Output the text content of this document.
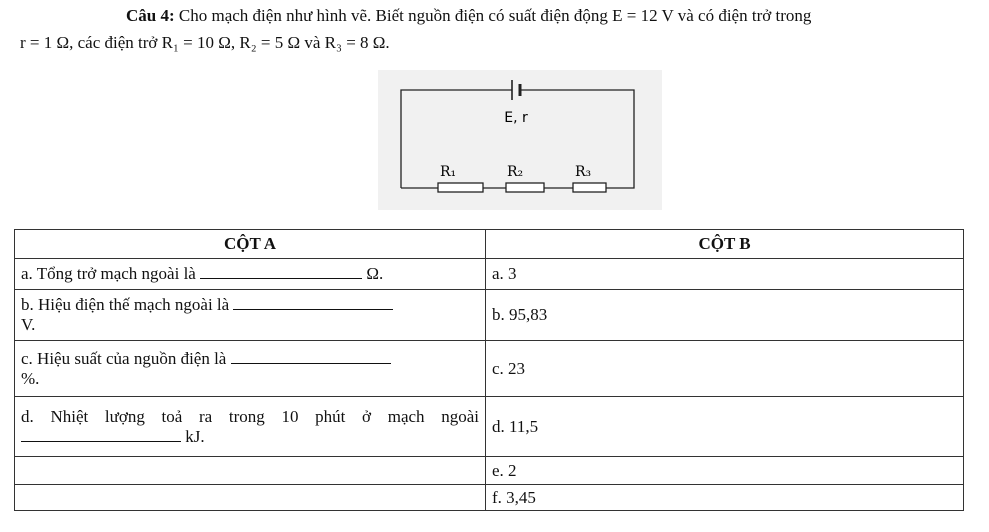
Câu 4: Cho mạch điện như hình vẽ. Biết nguồn điện có suất điện động E = 12 V và có điện trở trong
r = 1 Ω, các điện trở R₁ = 10 Ω, R₂ = 5 Ω và R₃ = 8 Ω.
E, r
R₁	R₂	R₃
CỘT A	CỘT B
a. Tổng trở mạch ngoài là Ω.	a. 3
b. Hiệu điện thế mạch ngoài là
V.	b. 95,83
c. Hiệu suất của nguồn điện là
%.	c. 23
d. Nhiệt lượng toả ra trong 10 phút ở mạch ngoài  kJ.	d. 11,5
	e. 2
	f. 3,45
